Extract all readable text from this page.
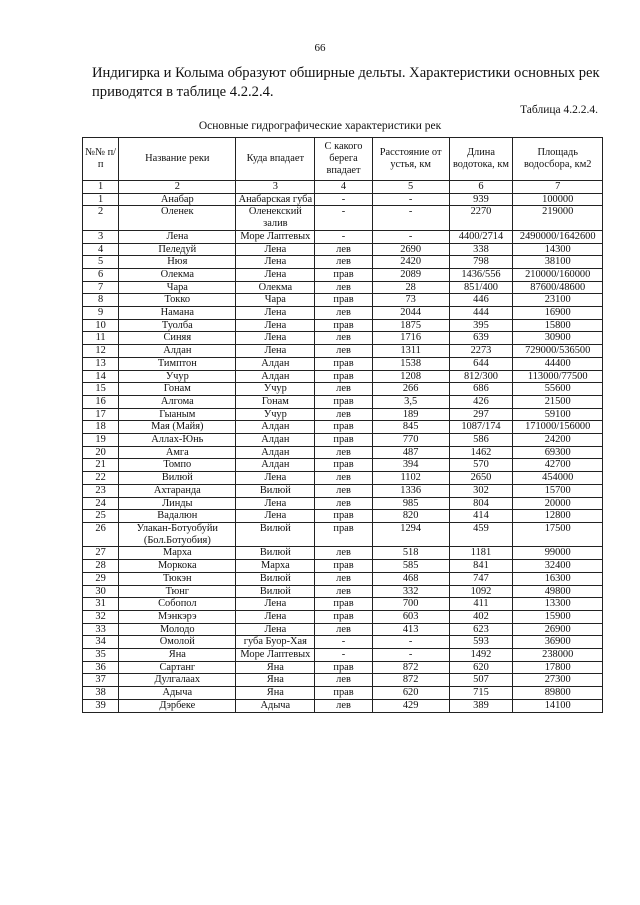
66
Индигирка и Колыма образуют обширные дельты. Характеристики основных рек приводятся в таблице 4.2.2.4.
Таблица 4.2.2.4.
Основные гидрографические характеристики рек
№№ п/п	Название реки	Куда впадает	С какого берега впадает	Расстояние от устья, км	Длина водотока, км	Площадь водосбора, км2
1	2	3	4	5	6	7
1	Анабар	Анабарская губа	-	-	939	100000
2	Оленек	Оленекский залив	-	-	2270	219000
3	Лена	Море Лаптевых	-	-	4400/2714	2490000/1642600
4	Пеледуй	Лена	лев	2690	338	14300
5	Нюя	Лена	лев	2420	798	38100
6	Олекма	Лена	прав	2089	1436/556	210000/160000
7	Чара	Олекма	лев	28	851/400	87600/48600
8	Токко	Чара	прав	73	446	23100
9	Намана	Лена	лев	2044	444	16900
10	Туолба	Лена	прав	1875	395	15800
11	Синяя	Лена	лев	1716	639	30900
12	Алдан	Лена	лев	1311	2273	729000/536500
13	Тимптон	Алдан	прав	1538	644	44400
14	Учур	Алдан	прав	1208	812/300	113000/77500
15	Гонам	Учур	лев	266	686	55600
16	Алгома	Гонам	прав	3,5	426	21500
17	Гыаным	Учур	лев	189	297	59100
18	Мая (Майя)	Алдан	прав	845	1087/174	171000/156000
19	Аллах-Юнь	Алдан	прав	770	586	24200
20	Амга	Алдан	лев	487	1462	69300
21	Томпо	Алдан	прав	394	570	42700
22	Вилюй	Лена	лев	1102	2650	454000
23	Ахтаранда	Вилюй	лев	1336	302	15700
24	Линды	Лена	лев	985	804	20000
25	Вадалюн	Лена	прав	820	414	12800
26	Улакан-Ботуобуйи (Бол.Ботуобия)	Вилюй	прав	1294	459	17500
27	Марха	Вилюй	лев	518	1181	99000
28	Моркока	Марха	прав	585	841	32400
29	Тюкэн	Вилюй	лев	468	747	16300
30	Тюнг	Вилюй	лев	332	1092	49800
31	Собопол	Лена	прав	700	411	13300
32	Мэнкэрэ	Лена	прав	603	402	15900
33	Молодо	Лена	лев	413	623	26900
34	Омолой	губа Буор-Хая	-	-	593	36900
35	Яна	Море Лаптевых	-	-	1492	238000
36	Сартанг	Яна	прав	872	620	17800
37	Дулгалаах	Яна	лев	872	507	27300
38	Адыча	Яна	прав	620	715	89800
39	Дэрбеке	Адыча	лев	429	389	14100
